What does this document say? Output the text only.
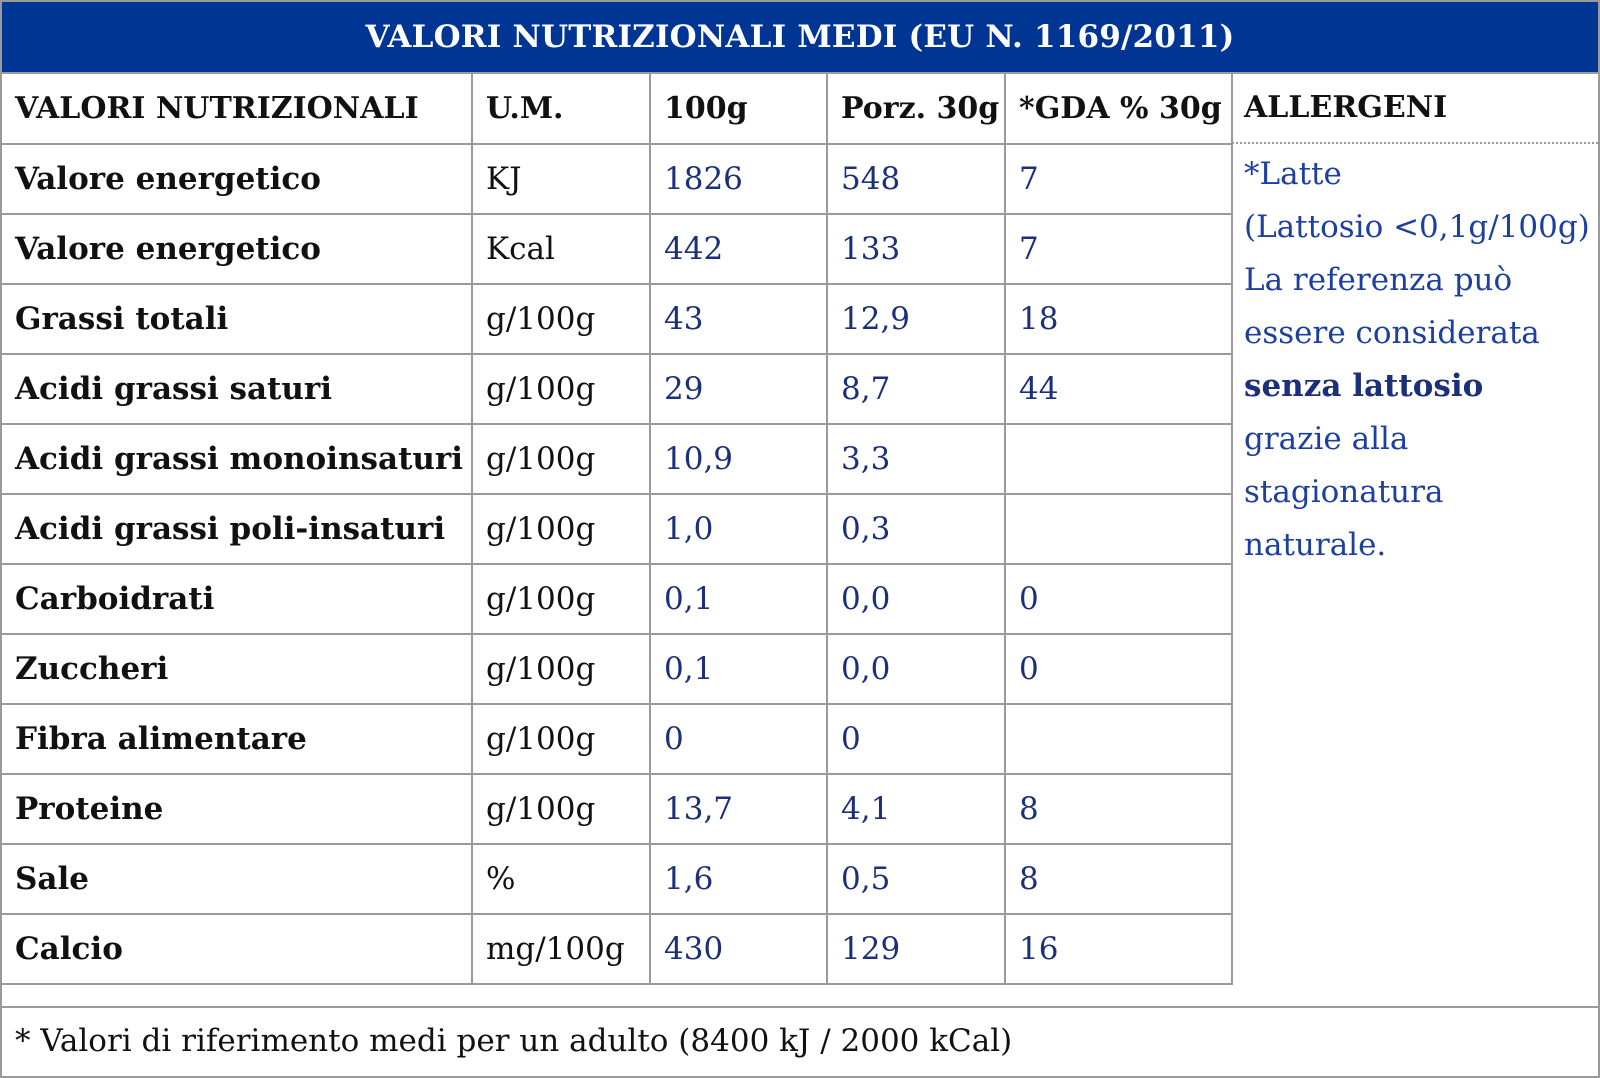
VALORI NUTRIZIONALI MEDI (EU N. 1169/2011)
VALORI NUTRIZIONALI	U.M.	100g	Porz. 30g	*GDA % 30g
Valore energetico	KJ	1826	548	7
Valore energetico	Kcal	442	133	7
Grassi totali	g/100g	43	12,9	18
Acidi grassi saturi	g/100g	29	8,7	44
Acidi grassi monoinsaturi	g/100g	10,9	3,3	
Acidi grassi poli-insaturi	g/100g	1,0	0,3	
Carboidrati	g/100g	0,1	0,0	0
Zuccheri	g/100g	0,1	0,0	0
Fibra alimentare	g/100g	0	0	
Proteine	g/100g	13,7	4,1	8
Sale	%	1,6	0,5	8
Calcio	mg/100g	430	129	16
ALLERGENI
*Latte
(Lattosio <0,1g/100g)
La referenza può
essere considerata
senza lattosio
grazie alla
stagionatura
naturale.
* Valori di riferimento medi per un adulto (8400 kJ / 2000 kCal)
